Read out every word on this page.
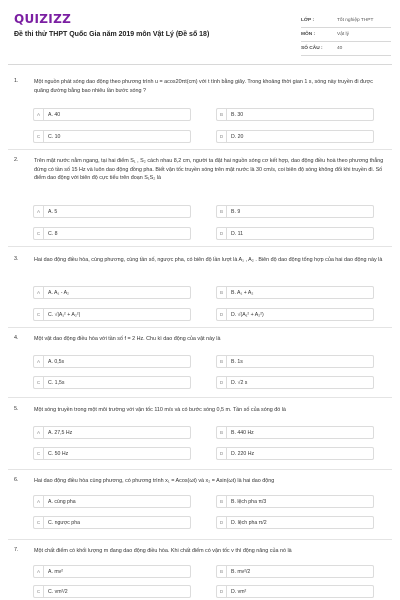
QUIZIZZ
Đề thi thử THPT Quốc Gia năm 2019 môn Vật Lý (Đề số 18)
LỚP :	Tốt nghiệp THPT
MÔN :	Vật lý
SỐ CÂU :	40
1.	Một nguồn phát sóng dao động theo phương trình u = acos20πt(cm) với t tính bằng giây. Trong khoảng thời gian 1 s, sóng này truyền đi được quãng đường bằng bao nhiêu lần bước sóng ?
A	A. 40	B	B. 30
C	C. 10	D	D. 20
2.	Trên mặt nước nằm ngang, tại hai điểm S₁ , S₂ cách nhau 8,2 cm, người ta đặt hai nguồn sóng cơ kết hợp, dao động điều hoà theo phương thẳng đứng có tần số 15 Hz và luôn dao động đồng pha. Biết vận tốc truyền sóng trên mặt nước là 30 cm/s, coi biên độ sóng không đổi khi truyền đi. Số điểm dao động với biên độ cực tiểu trên đoạn S₁S₂ là
A	A. 5	B	B. 9
C	C. 8	D	D. 11
3.	Hai dao động điều hòa, cùng phương, cùng tần số, ngược pha, có biên độ lần lượt là A₁ , A₂ . Biên độ dao động tổng hợp của hai dao động này là
A	A. A₁ - A₂	B	B. A₁ + A₂
C	C. √|A₁² + A₂²|	D	D. √(A₁² + A₂²)
4.	Một vật dao động điều hòa với tần số f = 2 Hz. Chu kì dao động của vật này là
A	A. 0,5s	B	B. 1s
C	C. 1,5s	D	D. √2 s
5.	Một sóng truyền trong một môi trường với vận tốc 110 m/s và có bước sóng 0,5 m. Tần số của sóng đó là
A	A. 27,5 Hz	B	B. 440 Hz
C	C. 50 Hz	D	D. 220 Hz
6.	Hai dao động điều hòa cùng phương, có phương trình x₁ = Acos(ωt) và x₂ = Asin(ωt) là hai dao động
A	A. cùng pha	B	B. lệch pha π/3
C	C. ngược pha	D	D. lệch pha π/2
7.	Một chất điểm có khối lượng m đang dao động điều hòa. Khi chất điểm có vận tốc v thì động năng của nó là
A	A. mv²	B	B. mv²/2
C	C. vm²/2	D	D. vm²
